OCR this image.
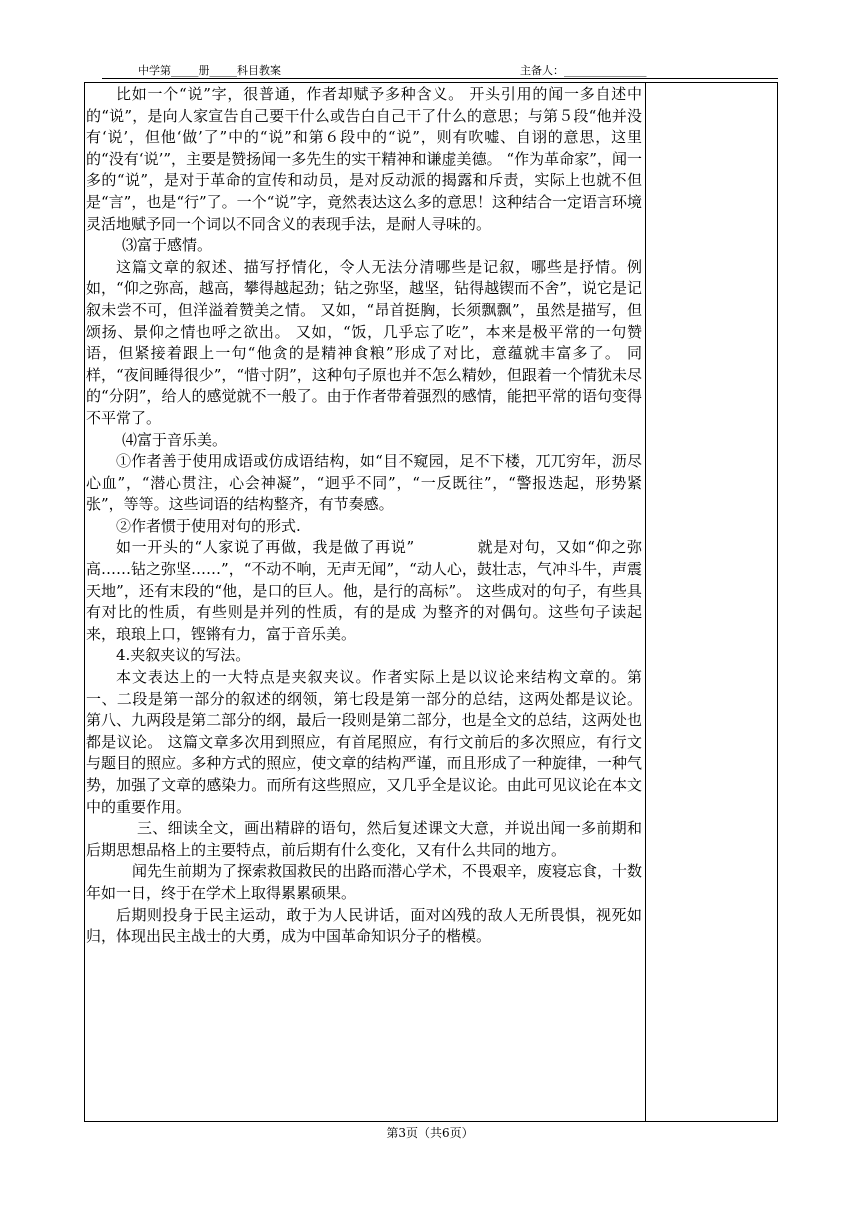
中学第_____册_____科目教案	主备人：_______________

比如一个“说”字，很普通，作者却赋予多种含义。 开头引用的闻一多自述中的“说”，是向人家宣告自己要干什么或告白自己干了什么的意思；与第５段“他并没有‘说’，但他‘做’了”中的“说”和第６段中的“说”，则有吹嘘、自诩的意思，这里的“没有‘说’”，主要是赞扬闻一多先生的实干精神和谦虚美德。 “作为革命家”，闻一多的“说”，是对于革命的宣传和动员，是对反动派的揭露和斥责，实际上也就不但是“言”，也是“行”了。一个“说”字，竟然表达这么多的意思！这种结合一定语言环境灵活地赋予同一个词以不同含义的表现手法，是耐人寻味的。

⑶富于感情。

这篇文章的叙述、描写抒情化，令人无法分清哪些是记叙，哪些是抒情。例如，“仰之弥高，越高，攀得越起劲；钻之弥坚，越坚，钻得越锲而不舍”，说它是记叙未尝不可，但洋溢着赞美之情。 又如，“昂首挺胸，长须飘飘”，虽然是描写，但颂扬、景仰之情也呼之欲出。 又如，“饭，几乎忘了吃”，本来是极平常的一句赞语，但紧接着跟上一句“他贪的是精神食粮”形成了对比，意蕴就丰富多了。 同样，“夜间睡得很少”，“惜寸阴”，这种句子原也并不怎么精妙，但跟着一个情犹未尽的“分阴”，给人的感觉就不一般了。由于作者带着强烈的感情，能把平常的语句变得不平常了。

⑷富于音乐美。

①作者善于使用成语或仿成语结构，如“目不窥园，足不下楼，兀兀穷年，沥尽心血”，“潜心贯注，心会神凝”，“迥乎不同”，“一反既往”，“警报迭起，形势紧张”，等等。这些词语的结构整齐，有节奏感。

②作者惯于使用对句的形式.

如一开头的“人家说了再做，我是做了再说”　　　　就是对句，又如“仰之弥高……钻之弥坚……”，“不动不响，无声无闻”，“动人心，鼓壮志，气冲斗牛，声震天地”，还有末段的“他，是口的巨人。他，是行的高标”。 这些成对的句子，有些具有对比的性质，有些则是并列的性质，有的是成 为整齐的对偶句。这些句子读起来，琅琅上口，铿锵有力，富于音乐美。

4.夹叙夹议的写法。

本文表达上的一大特点是夹叙夹议。作者实际上是以议论来结构文章的。第 一、二段是第一部分的叙述的纲领，第七段是第一部分的总结，这两处都是议论。 第八、九两段是第二部分的纲，最后一段则是第二部分，也是全文的总结，这两处也都是议论。 这篇文章多次用到照应，有首尾照应，有行文前后的多次照应，有行文与题目的照应。多种方式的照应，使文章的结构严谨，而且形成了一种旋律，一种气势，加强了文章的感染力。而所有这些照应，又几乎全是议论。由此可见议论在本文中的重要作用。

三、细读全文，画出精辟的语句，然后复述课文大意，并说出闻一多前期和后期思想品格上的主要特点，前后期有什么变化，又有什么共同的地方。

闻先生前期为了探索救国救民的出路而潜心学术，不畏艰辛，废寝忘食，十数年如一日，终于在学术上取得累累硕果。

后期则投身于民主运动，敢于为人民讲话，面对凶残的敌人无所畏惧，视死如归，体现出民主战士的大勇，成为中国革命知识分子的楷模。

第3页（共6页）
